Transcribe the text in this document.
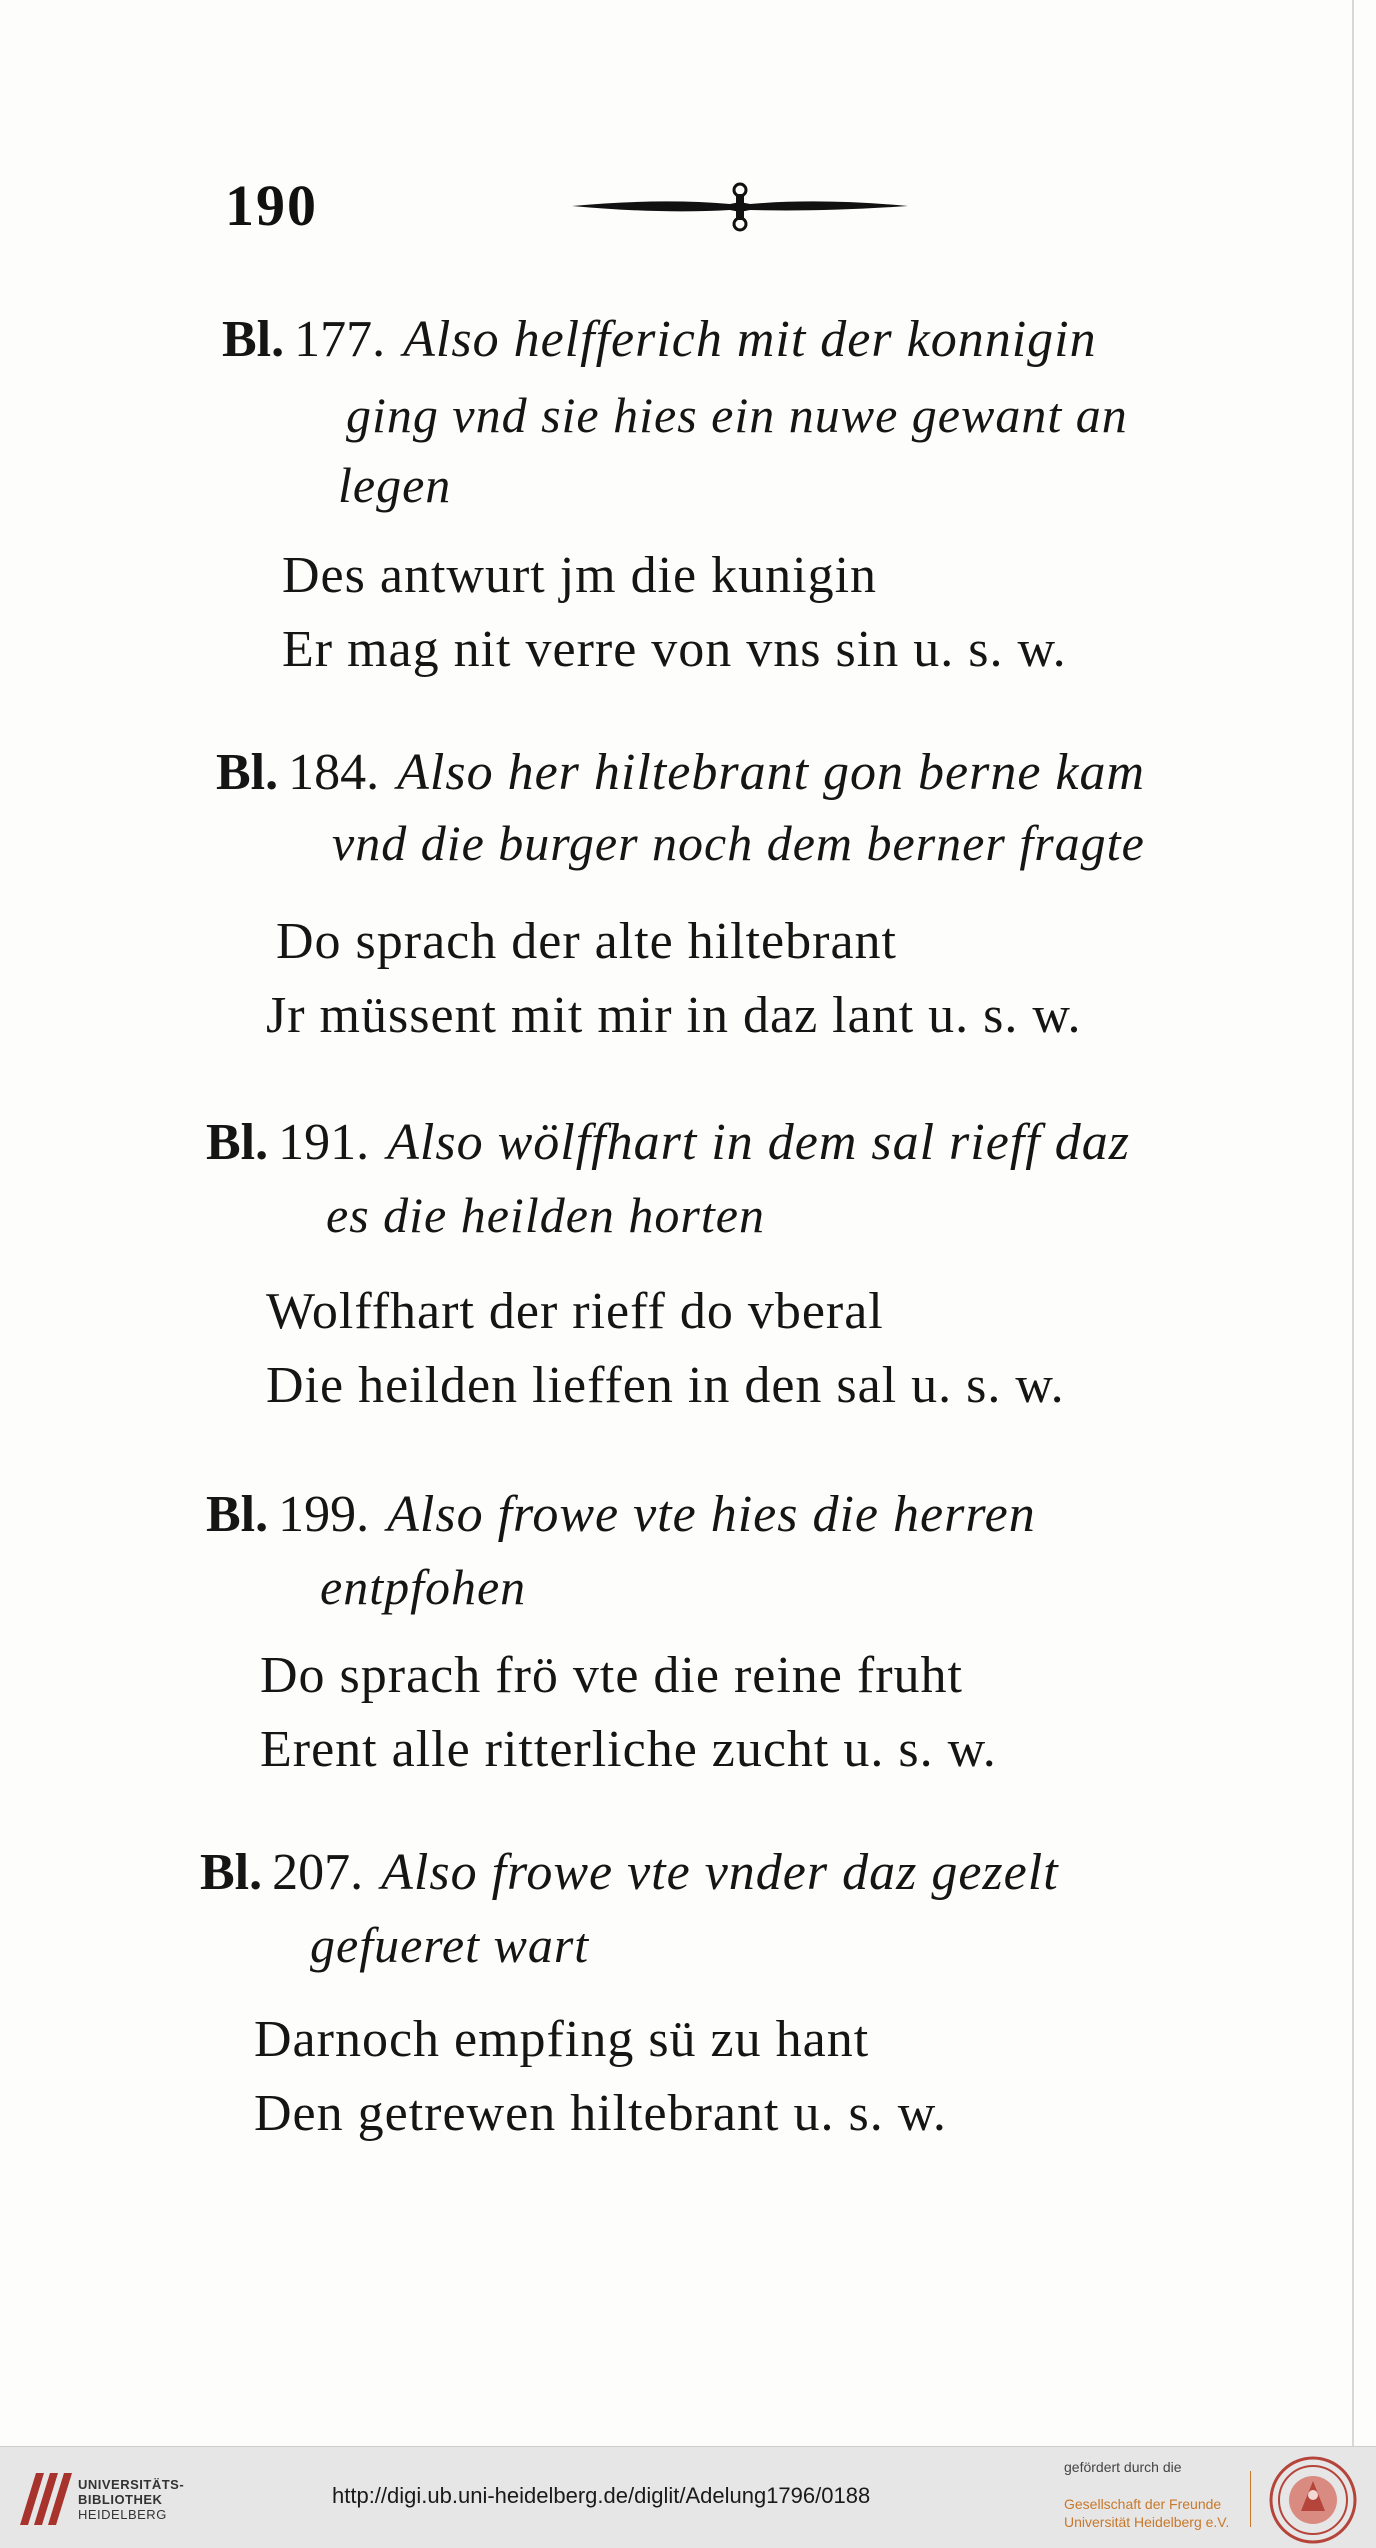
190
Bl. 177. Also helfferich mit der konnigin
ging vnd sie hies ein nuwe gewant an
legen
Des antwurt jm die kunigin
Er mag nit verre von vns sin u. s. w.
Bl. 184. Also her hiltebrant gon berne kam
vnd die burger noch dem berner fragte
Do sprach der alte hiltebrant
Jr müssent mit mir in daz lant u. s. w.
Bl. 191. Also wölffhart in dem sal rieff daz
es die heilden horten
Wolffhart der rieff do vberal
Die heilden lieffen in den sal u. s. w.
Bl. 199. Also frowe vte hies die herren
entpfohen
Do sprach frö vte die reine fruht
Erent alle ritterliche zucht u. s. w.
Bl. 207. Also frowe vte vnder daz gezelt
gefueret wart
Darnoch empfing sü zu hant
Den getrewen hiltebrant u. s. w.
UNIVERSITÄTS-
BIBLIOTHEK
HEIDELBERG
http://digi.ub.uni-heidelberg.de/diglit/Adelung1796/0188
gefördert durch die
Gesellschaft der Freunde
Universität Heidelberg e.V.
